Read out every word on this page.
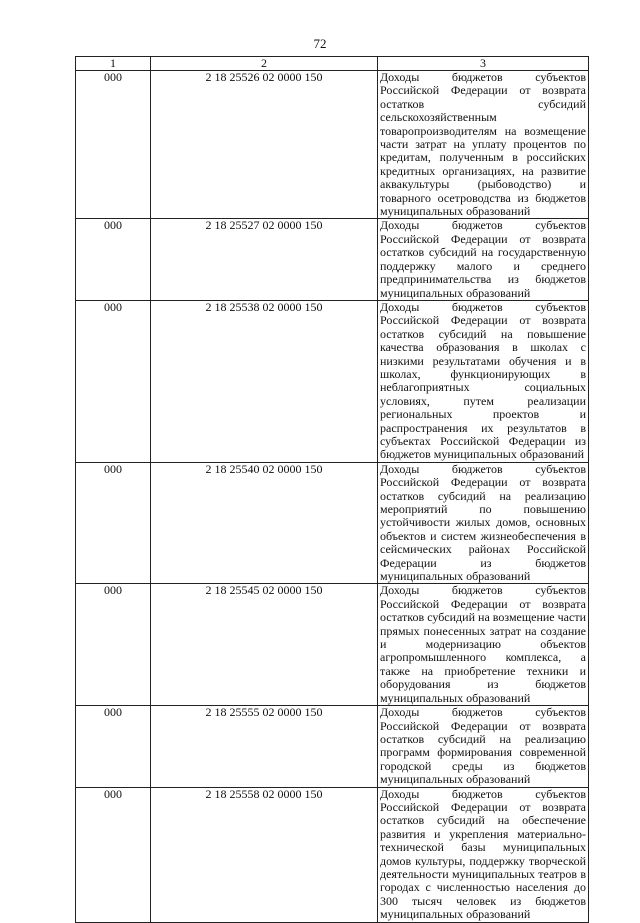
72
1	2	3
000	2 18 25526 02 0000 150	Доходы бюджетов субъектов Российской Федерации от возврата остатков субсидий сельскохозяйственным товаропроизводителям на возмещение части затрат на уплату процентов по кредитам, полученным в российских кредитных организациях, на развитие аквакультуры (рыбоводство) и товарного осетроводства из бюджетов муниципальных образований
000	2 18 25527 02 0000 150	Доходы бюджетов субъектов Российской Федерации от возврата остатков субсидий на государственную поддержку малого и среднего предпринимательства из бюджетов муниципальных образований
000	2 18 25538 02 0000 150	Доходы бюджетов субъектов Российской Федерации от возврата остатков субсидий на повышение качества образования в школах с низкими результатами обучения и в школах, функционирующих в неблагоприятных социальных условиях, путем реализации региональных проектов и распространения их результатов в субъектах Российской Федерации из бюджетов муниципальных образований
000	2 18 25540 02 0000 150	Доходы бюджетов субъектов Российской Федерации от возврата остатков субсидий на реализацию мероприятий по повышению устойчивости жилых домов, основных объектов и систем жизнеобеспечения в сейсмических районах Российской Федерации из бюджетов муниципальных образований
000	2 18 25545 02 0000 150	Доходы бюджетов субъектов Российской Федерации от возврата остатков субсидий на возмещение части прямых понесенных затрат на создание и модернизацию объектов агропромышленного комплекса, а также на приобретение техники и оборудования из бюджетов муниципальных образований
000	2 18 25555 02 0000 150	Доходы бюджетов субъектов Российской Федерации от возврата остатков субсидий на реализацию программ формирования современной городской среды из бюджетов муниципальных образований
000	2 18 25558 02 0000 150	Доходы бюджетов субъектов Российской Федерации от возврата остатков субсидий на обеспечение развития и укрепления материально-технической базы муниципальных домов культуры, поддержку творческой деятельности муниципальных театров в городах с численностью населения до 300 тысяч человек из бюджетов муниципальных образований
